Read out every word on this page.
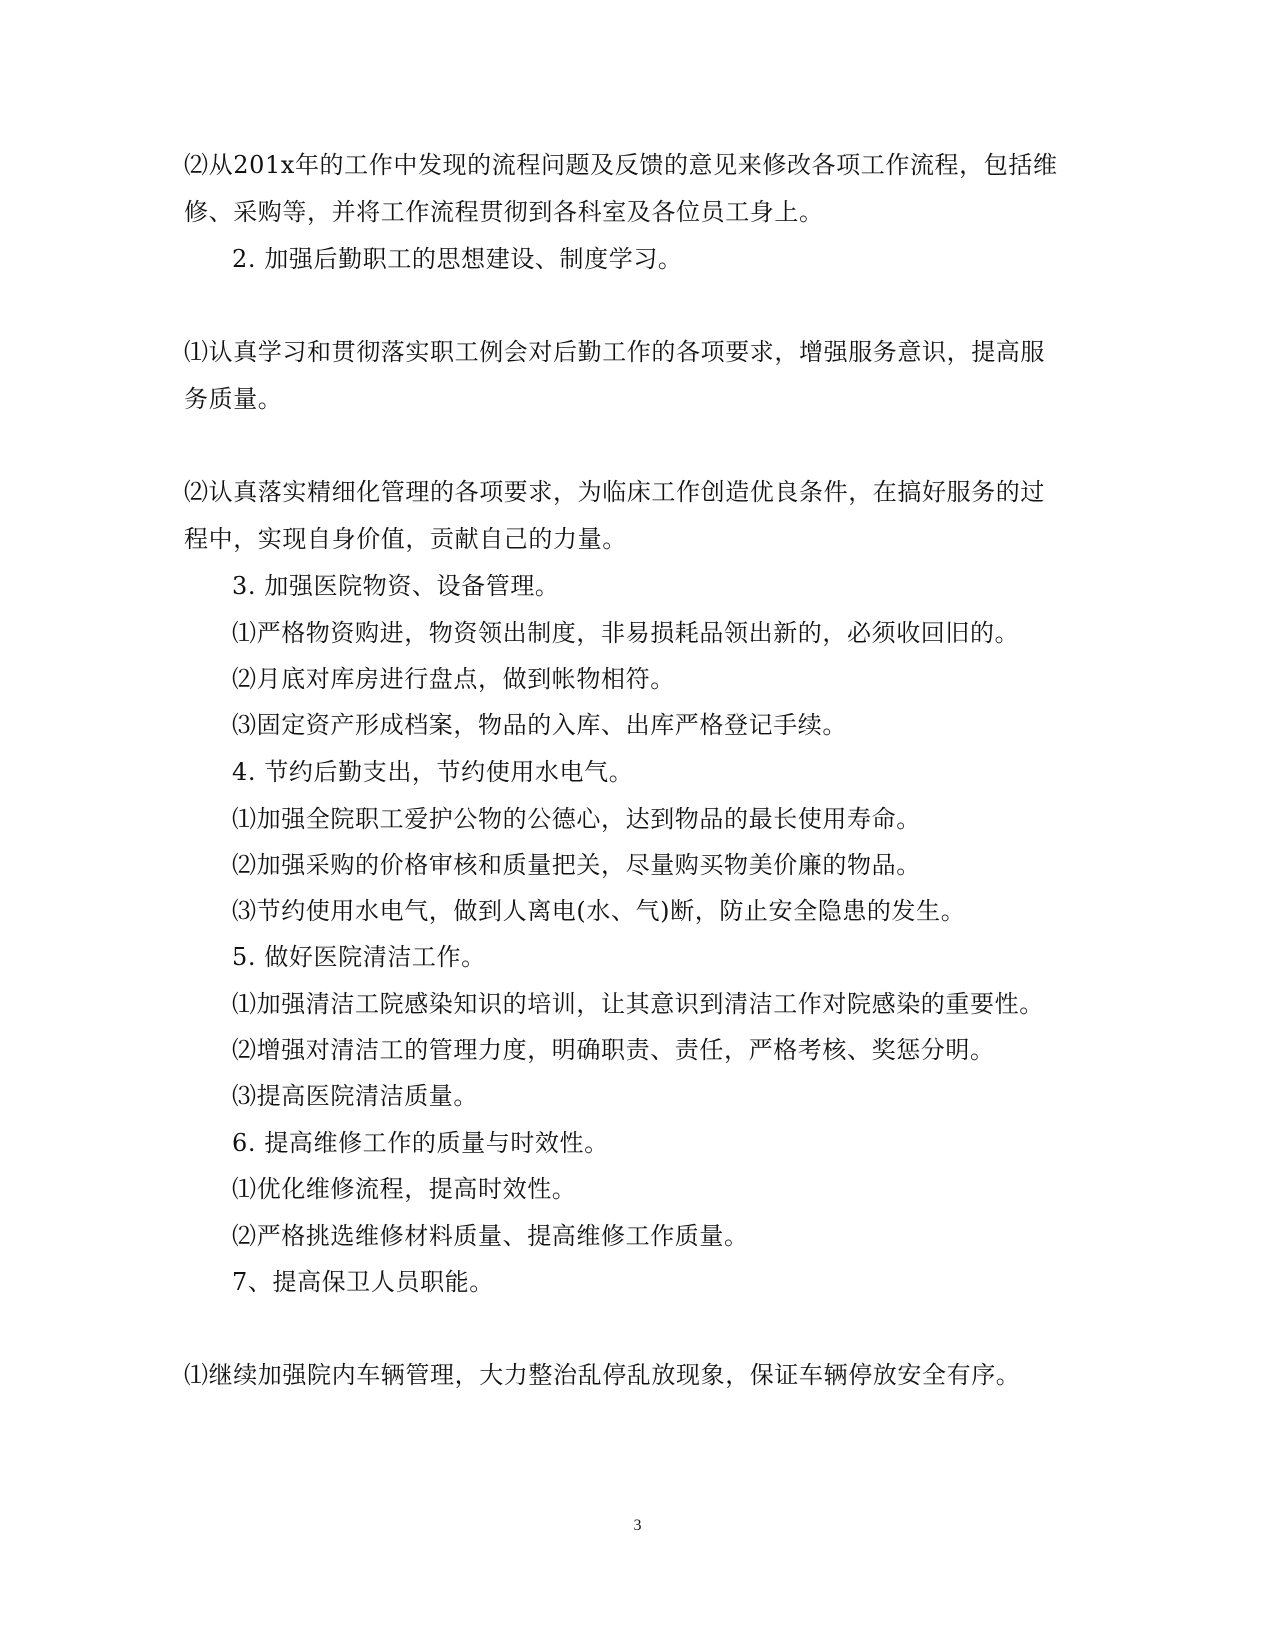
⑵从201x年的工作中发现的流程问题及反馈的意见来修改各项工作流程，包括维
修、采购等，并将工作流程贯彻到各科室及各位员工身上。
2. 加强后勤职工的思想建设、制度学习。
⑴认真学习和贯彻落实职工例会对后勤工作的各项要求，增强服务意识，提高服
务质量。
⑵认真落实精细化管理的各项要求，为临床工作创造优良条件，在搞好服务的过
程中，实现自身价值，贡献自己的力量。
3. 加强医院物资、设备管理。
⑴严格物资购进，物资领出制度，非易损耗品领出新的，必须收回旧的。
⑵月底对库房进行盘点，做到帐物相符。
⑶固定资产形成档案，物品的入库、出库严格登记手续。
4. 节约后勤支出，节约使用水电气。
⑴加强全院职工爱护公物的公德心，达到物品的最长使用寿命。
⑵加强采购的价格审核和质量把关，尽量购买物美价廉的物品。
⑶节约使用水电气，做到人离电(水、气)断，防止安全隐患的发生。
5. 做好医院清洁工作。
⑴加强清洁工院感染知识的培训，让其意识到清洁工作对院感染的重要性。
⑵增强对清洁工的管理力度，明确职责、责任，严格考核、奖惩分明。
⑶提高医院清洁质量。
6. 提高维修工作的质量与时效性。
⑴优化维修流程，提高时效性。
⑵严格挑选维修材料质量、提高维修工作质量。
7、提高保卫人员职能。
⑴继续加强院内车辆管理，大力整治乱停乱放现象，保证车辆停放安全有序。
3
